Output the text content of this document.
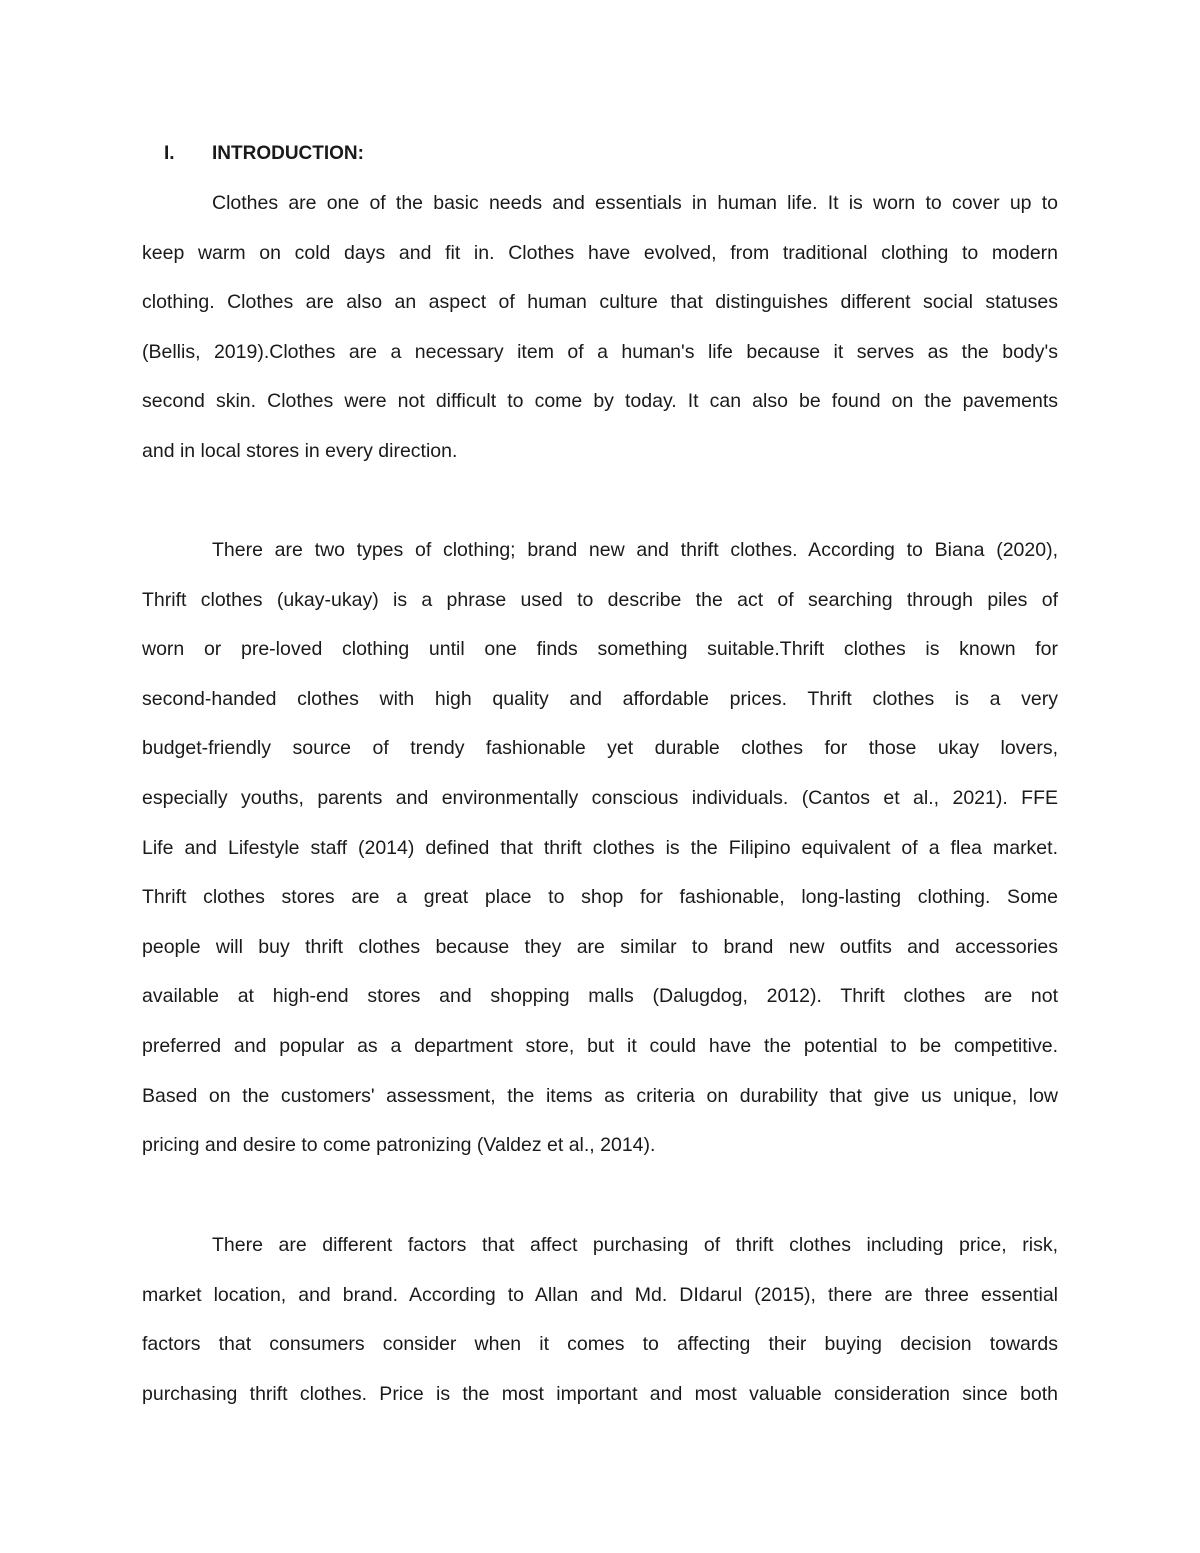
I. INTRODUCTION:
Clothes are one of the basic needs and essentials in human life. It is worn to cover up to
keep warm on cold days and fit in. Clothes have evolved, from traditional clothing to modern
clothing. Clothes are also an aspect of human culture that distinguishes different social statuses
(Bellis, 2019).Clothes are a necessary item of a human's life because it serves as the body's
second skin. Clothes were not difficult to come by today. It can also be found on the pavements
and in local stores in every direction.
There are two types of clothing; brand new and thrift clothes. According to Biana (2020),
Thrift clothes (ukay-ukay) is a phrase used to describe the act of searching through piles of
worn or pre-loved clothing until one finds something suitable.Thrift clothes is known for
second-handed clothes with high quality and affordable prices. Thrift clothes is a very
budget-friendly source of trendy fashionable yet durable clothes for those ukay lovers,
especially youths, parents and environmentally conscious individuals. (Cantos et al., 2021). FFE
Life and Lifestyle staff (2014) defined that thrift clothes is the Filipino equivalent of a flea market.
Thrift clothes stores are a great place to shop for fashionable, long-lasting clothing. Some
people will buy thrift clothes because they are similar to brand new outfits and accessories
available at high-end stores and shopping malls (Dalugdog, 2012). Thrift clothes are not
preferred and popular as a department store, but it could have the potential to be competitive.
Based on the customers' assessment, the items as criteria on durability that give us unique, low
pricing and desire to come patronizing (Valdez et al., 2014).
There are different factors that affect purchasing of thrift clothes including price, risk,
market location, and brand. According to Allan and Md. DIdarul (2015), there are three essential
factors that consumers consider when it comes to affecting their buying decision towards
purchasing thrift clothes. Price is the most important and most valuable consideration since both
